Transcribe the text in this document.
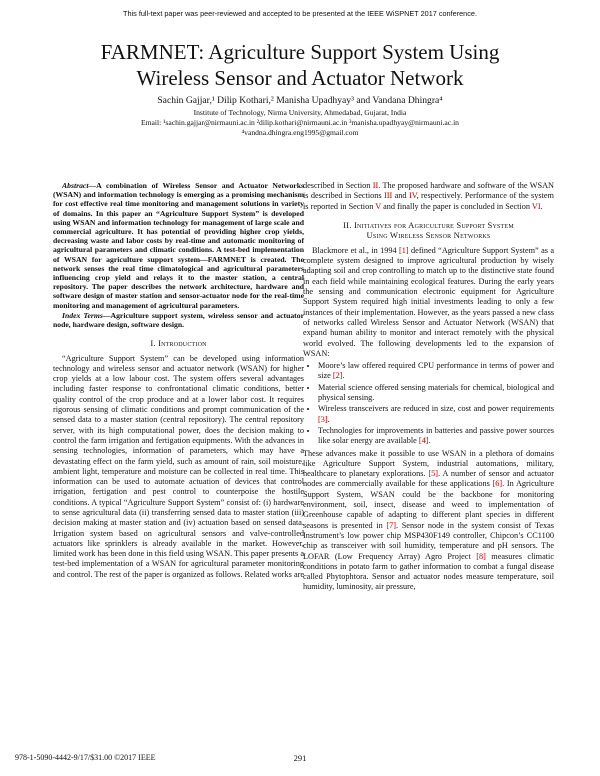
This full-text paper was peer-reviewed and accepted to be presented at the IEEE WiSPNET 2017 conference.
FARMNET: Agriculture Support System Using
Wireless Sensor and Actuator Network
Sachin Gajjar,¹ Dilip Kothari,² Manisha Upadhyay³ and Vandana Dhingra⁴
Institute of Technology, Nirma University, Ahmedabad, Gujarat, India
Email: ¹sachin.gajjar@nirmauni.ac.in ²dilip.kothari@nirmauni.ac.in ³manisha.upadhyay@nirmauni.ac.in
⁴vandna.dhingra.eng1995@gmail.com

Abstract—A combination of Wireless Sensor and Actuator Networks (WSAN) and information technology is emerging as a promising mechanism for cost effective real time monitoring and management solutions in variety of domains. In this paper an “Agriculture Support System” is developed using WSAN and information technology for management of large scale and commercial agriculture. It has potential of providing higher crop yields, decreasing waste and labor costs by real-time and automatic monitoring of agricultural parameters and climatic conditions. A test-bed implementation of WSAN for agriculture support system—FARMNET is created. The network senses the real time climatological and agricultural parameters influencing crop yield and relays it to the master station, a central repository. The paper describes the network architecture, hardware and software design of master station and sensor-actuator node for the real-time monitoring and management of agricultural parameters.

Index Terms—Agriculture support system, wireless sensor and actuator node, hardware design, software design.

I. Introduction

“Agriculture Support System” can be developed using information technology and wireless sensor and actuator network (WSAN) for higher crop yields at a low labour cost. The system offers several advantages including faster response to confrontational climatic conditions, better quality control of the crop produce and at a lower labor cost. It requires rigorous sensing of climatic conditions and prompt communication of the sensed data to a master station (central repository). The central repository server, with its high computational power, does the decision making to control the farm irrigation and fertigation equipments. With the advances in sensing technologies, information of parameters, which may have a devastating effect on the farm yield, such as amount of rain, soil moisture, ambient light, temperature and moisture can be collected in real time. This information can be used to automate actuation of devices that control irrigation, fertigation and pest control to counterpoise the hostile conditions. A typical “Agriculture Support System” consist of: (i) hardware to sense agricultural data (ii) transferring sensed data to master station (iii) decision making at master station and (iv) actuation based on sensed data. Irrigation system based on agricultural sensors and valve-controlled actuators like sprinklers is already available in the market. However, limited work has been done in this field using WSAN. This paper presents a test-bed implementation of a WSAN for agricultural parameter monitoring and control. The rest of the paper is organized as follows. Related works are

described in Section II. The proposed hardware and software of the WSAN is described in Sections III and IV, respectively. Performance of the system is reported in Section V and finally the paper is concluded in Section VI.

II. Initiatives for Agriculture Support System
Using Wireless Sensor Networks

Blackmore et al., in 1994 [1] defined “Agriculture Support System” as a complete system designed to improve agricultural production by wisely adapting soil and crop controlling to match up to the distinctive state found in each field while maintaining ecological features. During the early years the sensing and communication electronic equipment for Agriculture Support System required high initial investments leading to only a few instances of their implementation. However, as the years passed a new class of networks called Wireless Sensor and Actuator Network (WSAN) that expand human ability to monitor and interact remotely with the physical world evolved. The following developments led to the expansion of WSAN:

• Moore’s law offered required CPU performance in terms of power and size [2].
• Material science offered sensing materials for chemical, biological and physical sensing.
• Wireless transceivers are reduced in size, cost and power requirements [3].
• Technologies for improvements in batteries and passive power sources like solar energy are available [4].

These advances make it possible to use WSAN in a plethora of domains like Agriculture Support System, industrial automations, military, healthcare to planetary explorations. [5]. A number of sensor and actuator nodes are commercially available for these applications [6]. In Agriculture Support System, WSAN could be the backbone for monitoring environment, soil, insect, disease and weed to implementation of Greenhouse capable of adapting to different plant species in different seasons is presented in [7]. Sensor node in the system consist of Texas Instrument’s low power chip MSP430F149 controller, Chipcon’s CC1100 chip as transceiver with soil humidity, temperature and pH sensors. The LOFAR (Low Frequency Array) Agro Project [8] measures climatic conditions in potato farm to gather information to combat a fungal disease called Phytophtora. Sensor and actuator nodes measure temperature, soil humidity, luminosity, air pressure,

978-1-5090-4442-9/17/$31.00 ©2017 IEEE	291
